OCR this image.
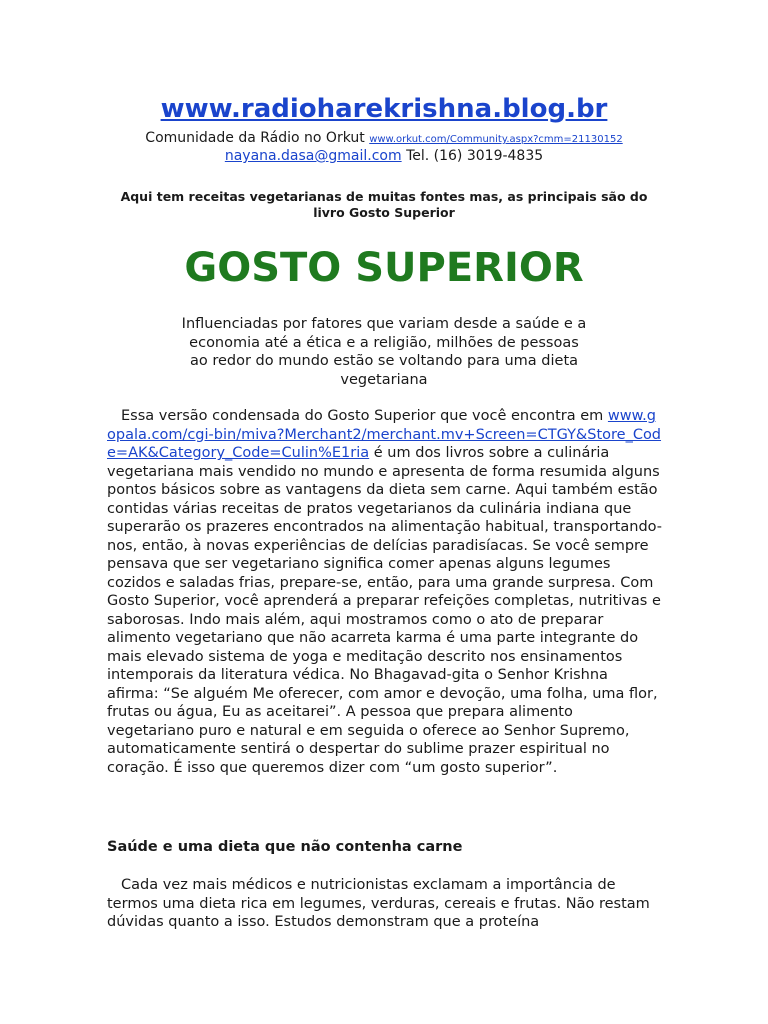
www.radioharekrishna.blog.br
Comunidade da Rádio no Orkut www.orkut.com/Community.aspx?cmm=21130152
nayana.dasa@gmail.com Tel. (16) 3019-4835
Aqui tem receitas vegetarianas de muitas fontes mas, as principais são do livro Gosto Superior
GOSTO SUPERIOR
Influenciadas por fatores que variam desde a saúde e a economia até a ética e a religião, milhões de pessoas ao redor do mundo estão se voltando para uma dieta vegetariana
Essa versão condensada do Gosto Superior que você encontra em www.gopala.com/cgi-bin/miva?Merchant2/merchant.mv+Screen=CTGY&Store_Code=AK&Category_Code=Culin%E1ria é um dos livros sobre a culinária vegetariana mais vendido no mundo e apresenta de forma resumida alguns pontos básicos sobre as vantagens da dieta sem carne. Aqui também estão contidas várias receitas de pratos vegetarianos da culinária indiana que superarão os prazeres encontrados na alimentação habitual, transportando-nos, então, à novas experiências de delícias paradisíacas. Se você sempre pensava que ser vegetariano significa comer apenas alguns legumes cozidos e saladas frias, prepare-se, então, para uma grande surpresa. Com Gosto Superior, você aprenderá a preparar refeições completas, nutritivas e saborosas. Indo mais além, aqui mostramos como o ato de preparar alimento vegetariano que não acarreta karma é uma parte integrante do mais elevado sistema de yoga e meditação descrito nos ensinamentos intemporais da literatura védica. No Bhagavad-gita o Senhor Krishna afirma: “Se alguém Me oferecer, com amor e devoção, uma folha, uma flor, frutas ou água, Eu as aceitarei”. A pessoa que prepara alimento vegetariano puro e natural e em seguida o oferece ao Senhor Supremo, automaticamente sentirá o despertar do sublime prazer espiritual no coração. É isso que queremos dizer com “um gosto superior”.
Saúde e uma dieta que não contenha carne
Cada vez mais médicos e nutricionistas exclamam a importância de termos uma dieta rica em legumes, verduras, cereais e frutas. Não restam dúvidas quanto a isso. Estudos demonstram que a proteína
